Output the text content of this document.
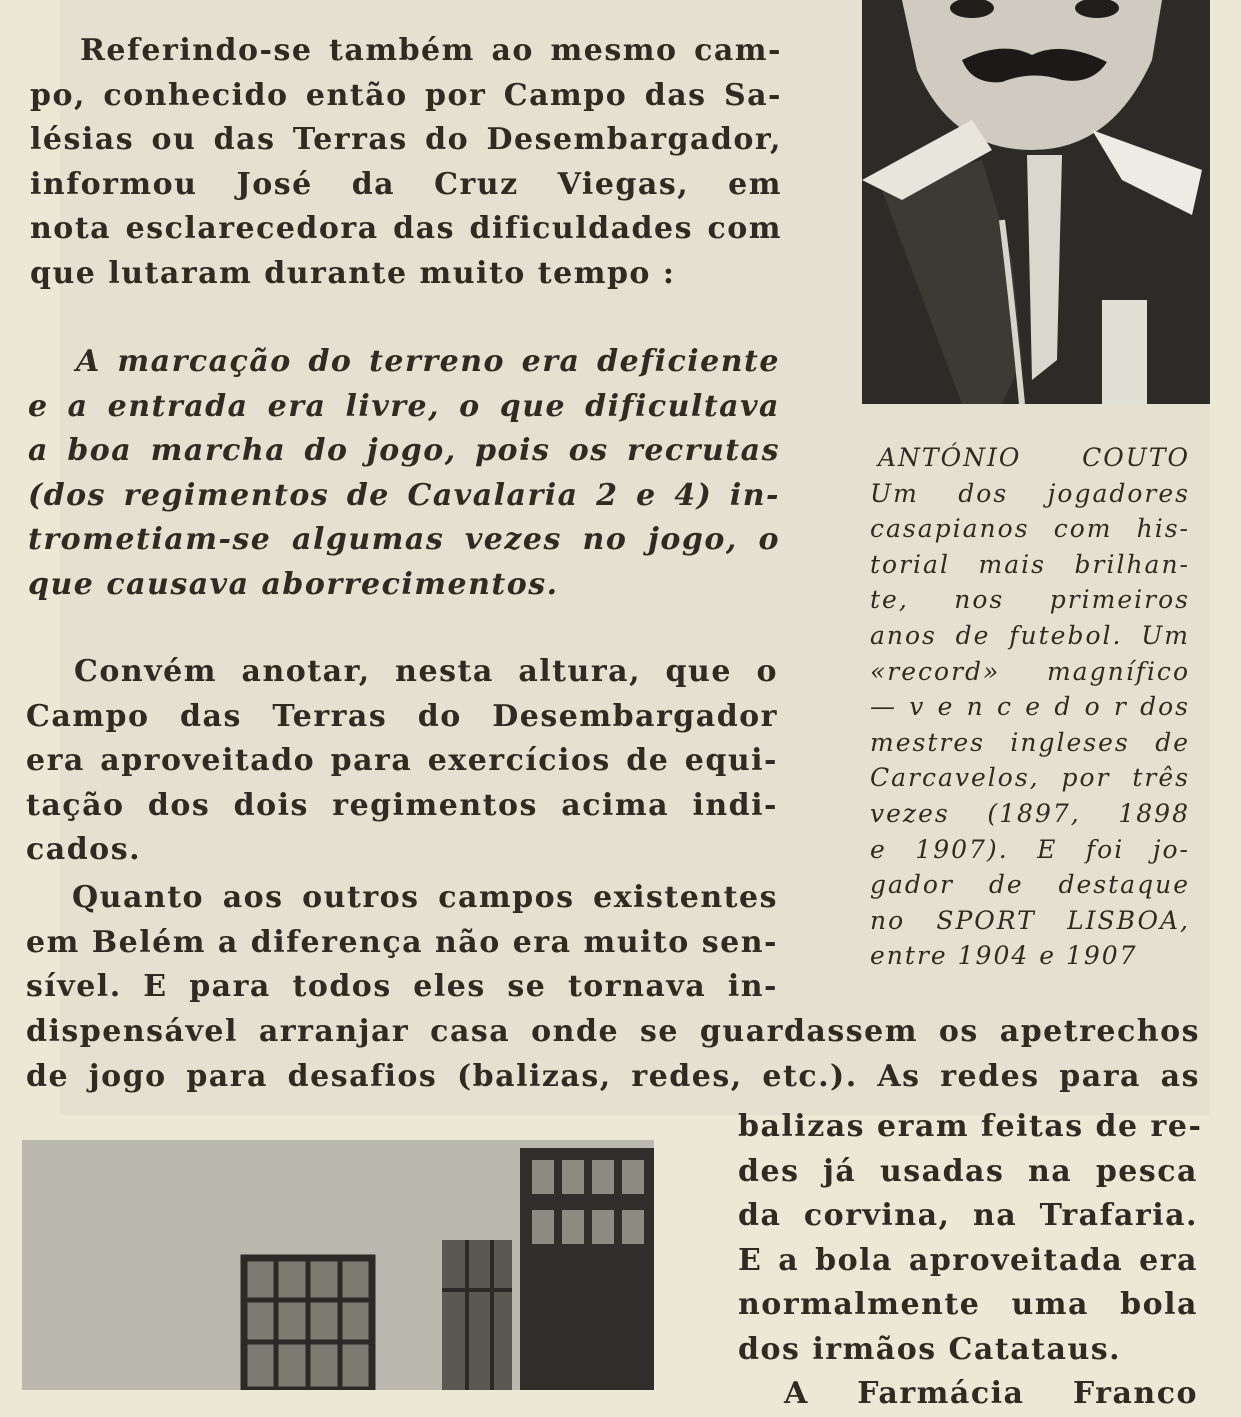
Referindo-se também ao mesmo cam-
po, conhecido então por Campo das Sa-
lésias ou das Terras do Desembargador,
informou José da Cruz Viegas, em
nota esclarecedora das dificuldades com
que lutaram durante muito tempo :
A marcação do terreno era deficiente
e a entrada era livre, o que dificultava
a boa marcha do jogo, pois os recrutas
(dos regimentos de Cavalaria 2 e 4) in-
trometiam-se algumas vezes no jogo, o
que causava aborrecimentos.
Convém anotar, nesta altura, que o
Campo das Terras do Desembargador
era aproveitado para exercícios de equi-
tação dos dois regimentos acima indi-
cados.
Quanto aos outros campos existentes
em Belém a diferença não era muito sen-
sível. E para todos eles se tornava in-
dispensável arranjar casa onde se guardassem os apetrechos
de jogo para desafios (balizas, redes, etc.). As redes para as
balizas eram feitas de re-
des já usadas na pesca
da corvina, na Trafaria.
E a bola aproveitada era
normalmente uma bola
dos irmãos Catataus.
A Farmácia Franco
ANTÓNIO COUTO
Um dos jogadores
casapianos com his-
torial mais brilhan-
te, nos primeiros
anos de futebol. Um
«record» magnífico
— v e n c e d o r dos
mestres ingleses de
Carcavelos, por três
vezes (1897, 1898
e 1907). E foi jo-
gador de destaque
no SPORT LISBOA,
entre 1904 e 1907
